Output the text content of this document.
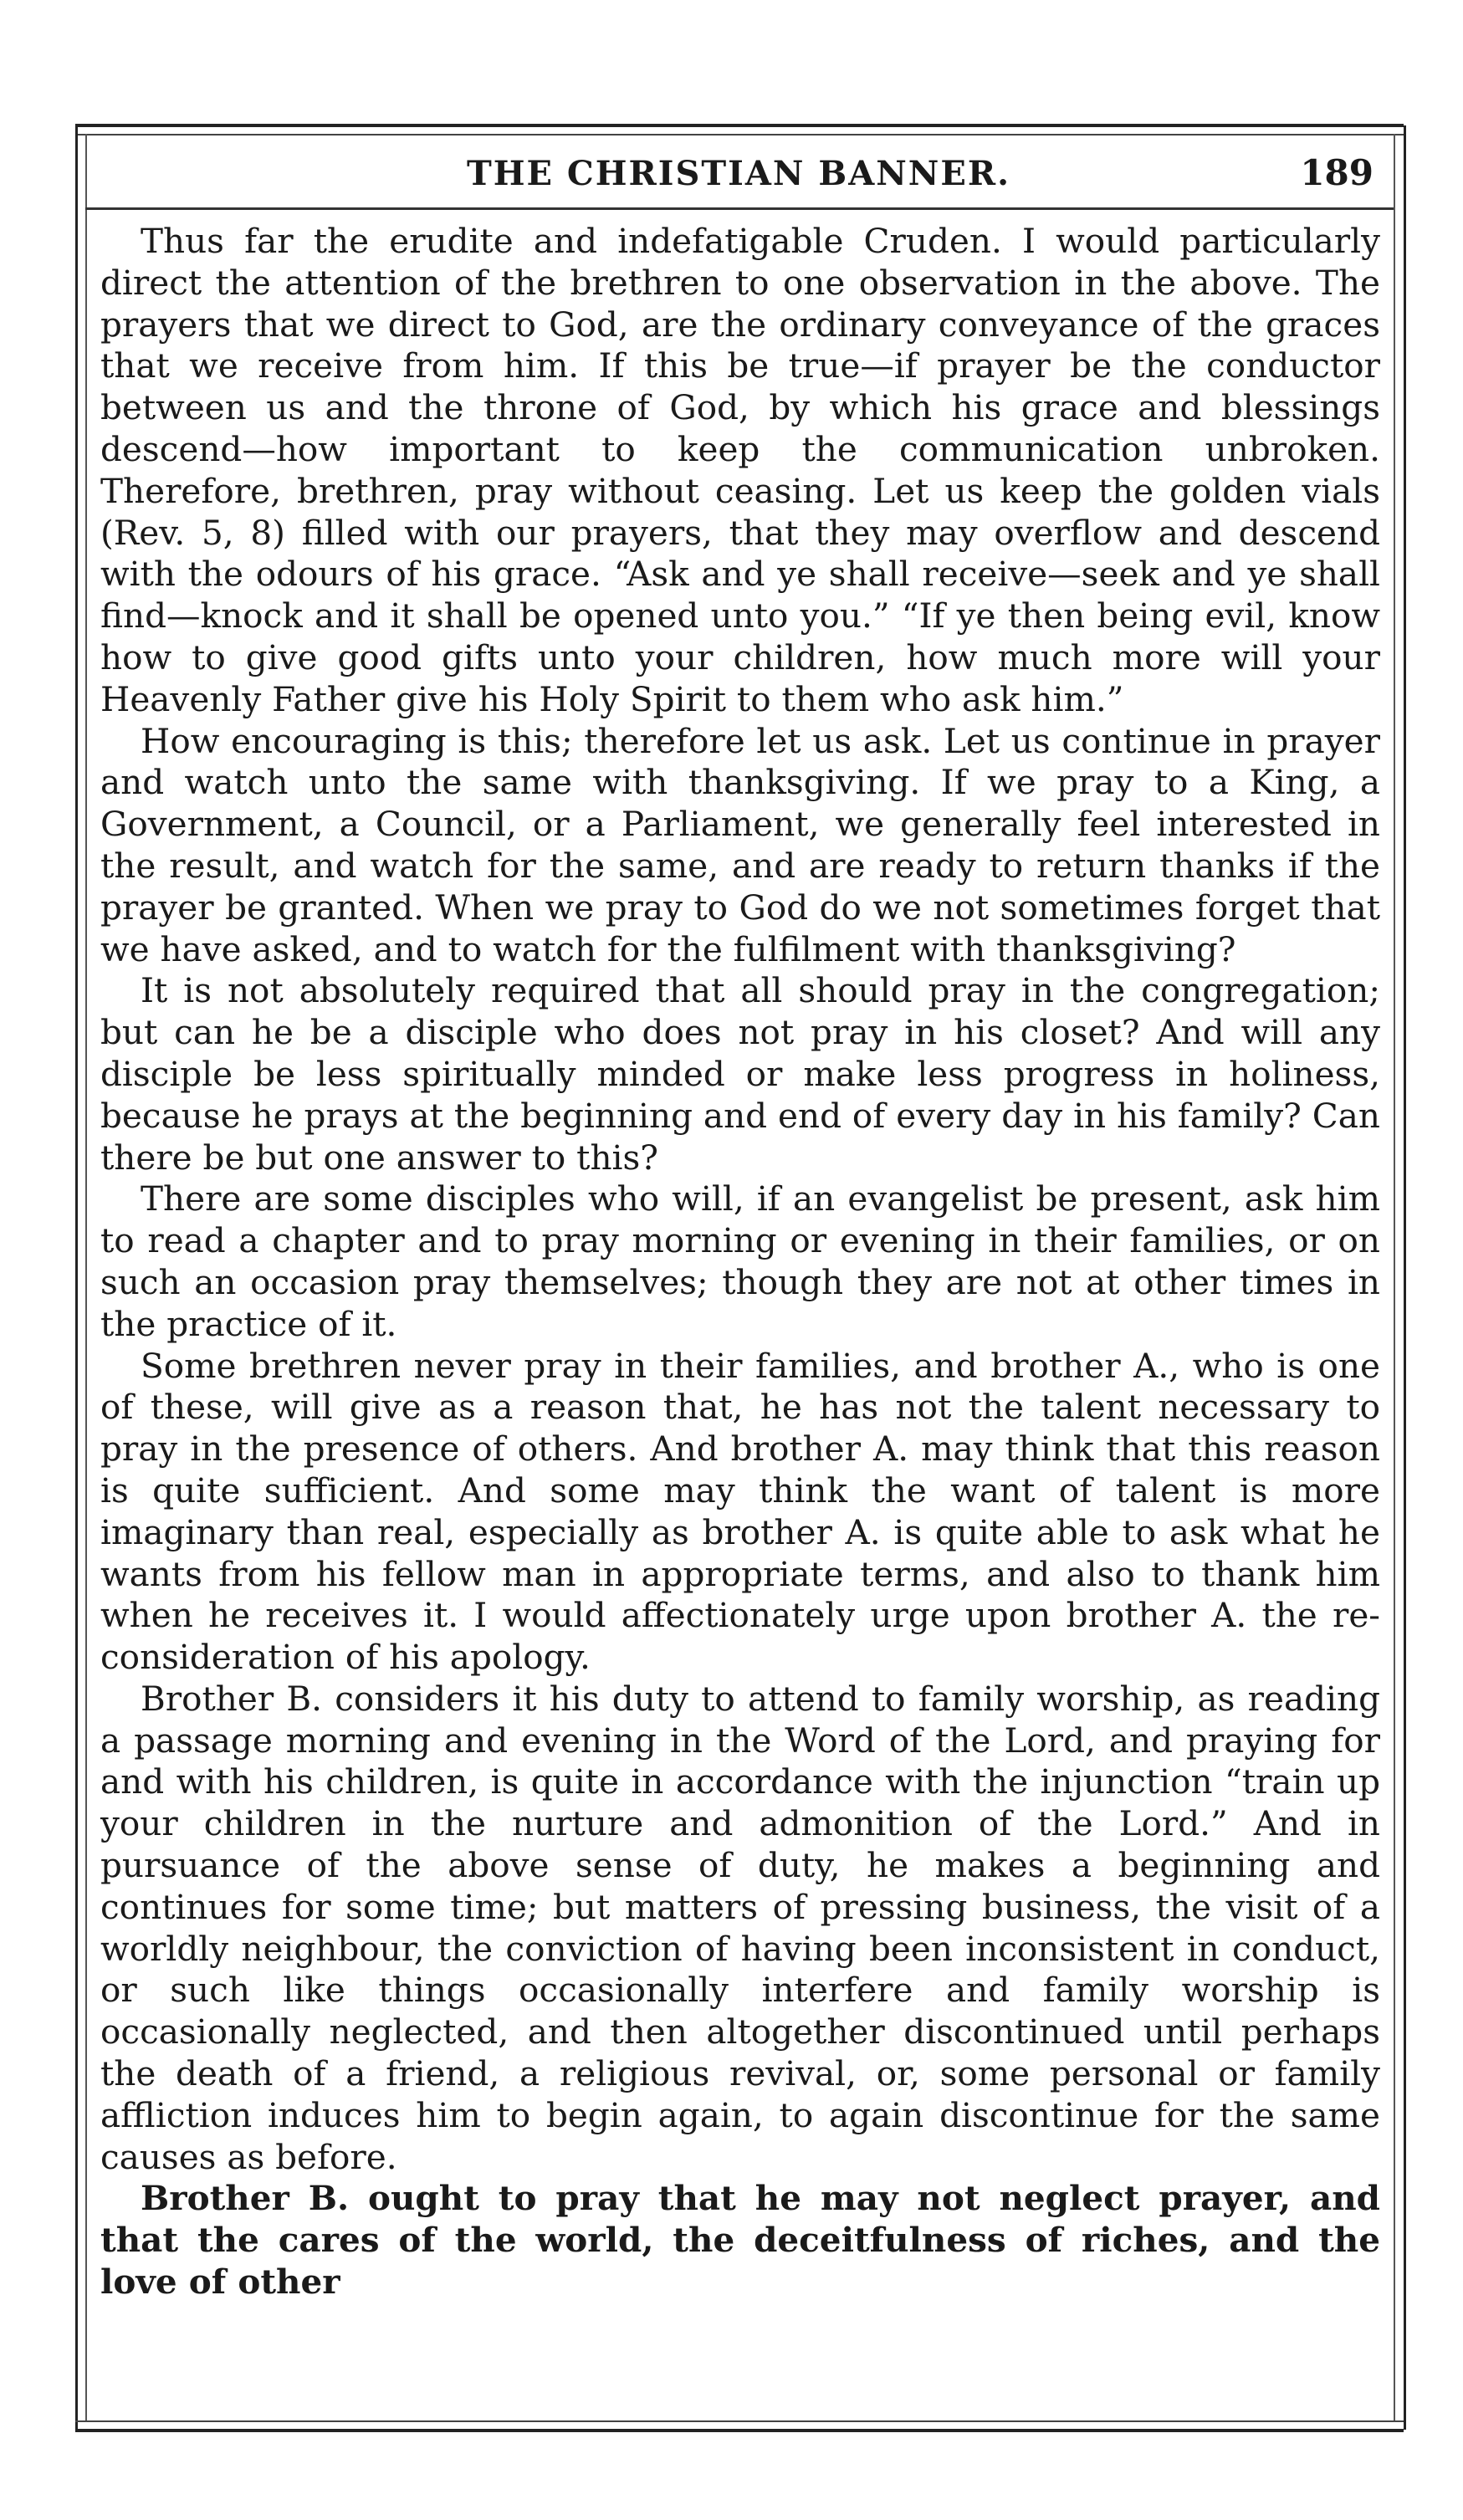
THE CHRISTIAN BANNER.	189

Thus far the erudite and indefatigable Cruden. I would particularly direct the attention of the brethren to one observation in the above. The prayers that we direct to God, are the ordinary conveyance of the graces that we receive from him. If this be true—if prayer be the conductor between us and the throne of God, by which his grace and blessings descend—how important to keep the communication unbroken. Therefore, brethren, pray without ceasing. Let us keep the golden vials (Rev. 5, 8) filled with our prayers, that they may overflow and descend with the odours of his grace. “Ask and ye shall receive—seek and ye shall find—knock and it shall be opened unto you.” “If ye then being evil, know how to give good gifts unto your children, how much more will your Heavenly Father give his Holy Spirit to them who ask him.”

How encouraging is this; therefore let us ask. Let us continue in prayer and watch unto the same with thanksgiving. If we pray to a King, a Government, a Council, or a Parliament, we generally feel interested in the result, and watch for the same, and are ready to return thanks if the prayer be granted. When we pray to God do we not sometimes forget that we have asked, and to watch for the fulfilment with thanksgiving?

It is not absolutely required that all should pray in the congregation; but can he be a disciple who does not pray in his closet? And will any disciple be less spiritually minded or make less progress in holiness, because he prays at the beginning and end of every day in his family? Can there be but one answer to this?

There are some disciples who will, if an evangelist be present, ask him to read a chapter and to pray morning or evening in their families, or on such an occasion pray themselves; though they are not at other times in the practice of it.

Some brethren never pray in their families, and brother A., who is one of these, will give as a reason that, he has not the talent necessary to pray in the presence of others. And brother A. may think that this reason is quite sufficient. And some may think the want of talent is more imaginary than real, especially as brother A. is quite able to ask what he wants from his fellow man in appropriate terms, and also to thank him when he receives it. I would affectionately urge upon brother A. the re-consideration of his apology.

Brother B. considers it his duty to attend to family worship, as reading a passage morning and evening in the Word of the Lord, and praying for and with his children, is quite in accordance with the injunction “train up your children in the nurture and admonition of the Lord.” And in pursuance of the above sense of duty, he makes a beginning and continues for some time; but matters of pressing business, the visit of a worldly neighbour, the conviction of having been inconsistent in conduct, or such like things occasionally interfere and family worship is occasionally neglected, and then altogether discontinued until perhaps the death of a friend, a religious revival, or, some personal or family affliction induces him to begin again, to again discontinue for the same causes as before.

Brother B. ought to pray that he may not neglect prayer, and that the cares of the world, the deceitfulness of riches, and the love of other
